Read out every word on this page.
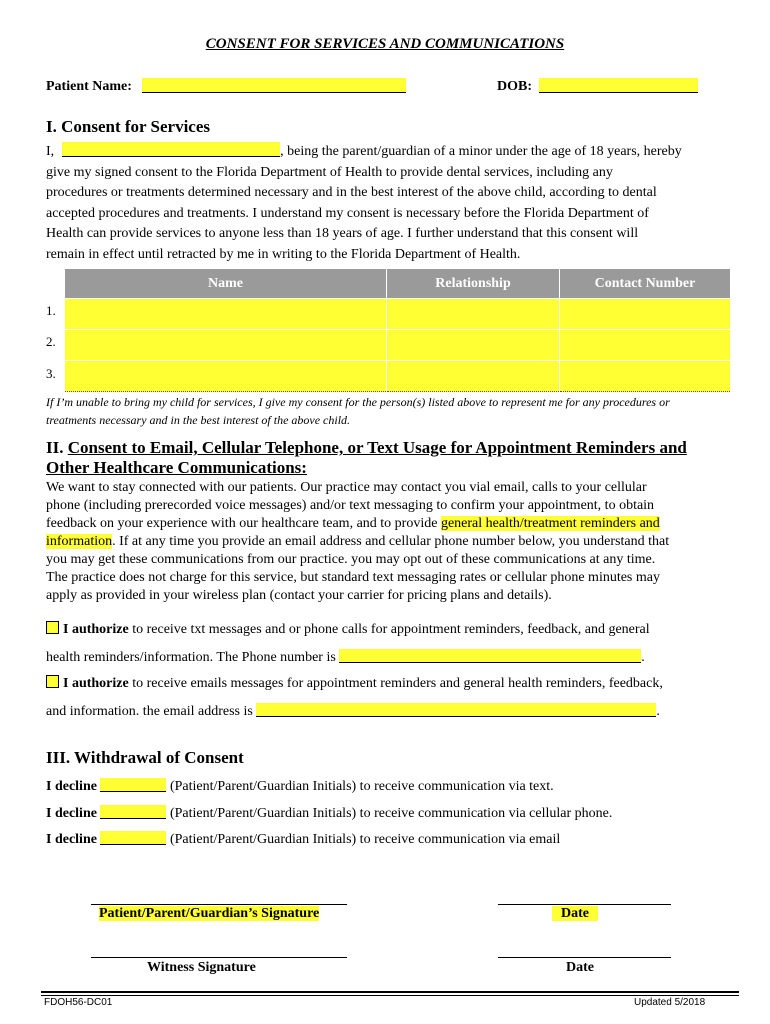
CONSENT FOR SERVICES AND COMMUNICATIONS
Patient Name:	DOB:
I. Consent for Services
I,	, being the parent/guardian of a minor under the age of 18 years, hereby
give my signed consent to the Florida Department of Health to provide dental services, including any
procedures or treatments determined necessary and in the best interest of the above child, according to dental
accepted procedures and treatments. I understand my consent is necessary before the Florida Department of
Health can provide services to anyone less than 18 years of age. I further understand that this consent will
remain in effect until retracted by me in writing to the Florida Department of Health.
Name	Relationship	Contact Number

1.
2.
3.
If I’m unable to bring my child for services, I give my consent for the person(s) listed above to represent me for any procedures or
treatments necessary and in the best interest of the above child.
II. Consent to Email, Cellular Telephone, or Text Usage for Appointment Reminders and
Other Healthcare Communications:
We want to stay connected with our patients. Our practice may contact you vial email, calls to your cellular
phone (including prerecorded voice messages) and/or text messaging to confirm your appointment, to obtain
feedback on your experience with our healthcare team, and to provide general health/treatment reminders and
information. If at any time you provide an email address and cellular phone number below, you understand that
you may get these communications from our practice. you may opt out of these communications at any time.
The practice does not charge for this service, but standard text messaging rates or cellular phone minutes may
apply as provided in your wireless plan (contact your carrier for pricing plans and details).
I authorize to receive txt messages and or phone calls for appointment reminders, feedback, and general
health reminders/information. The Phone number is	.
I authorize to receive emails messages for appointment reminders and general health reminders, feedback,
and information. the email address is	.
III. Withdrawal of Consent
I decline	(Patient/Parent/Guardian Initials) to receive communication via text.
I decline	(Patient/Parent/Guardian Initials) to receive communication via cellular phone.
I decline	(Patient/Parent/Guardian Initials) to receive communication via email
Patient/Parent/Guardian’s Signature	Date
Witness Signature	Date
FDOH56-DC01	Updated 5/2018
